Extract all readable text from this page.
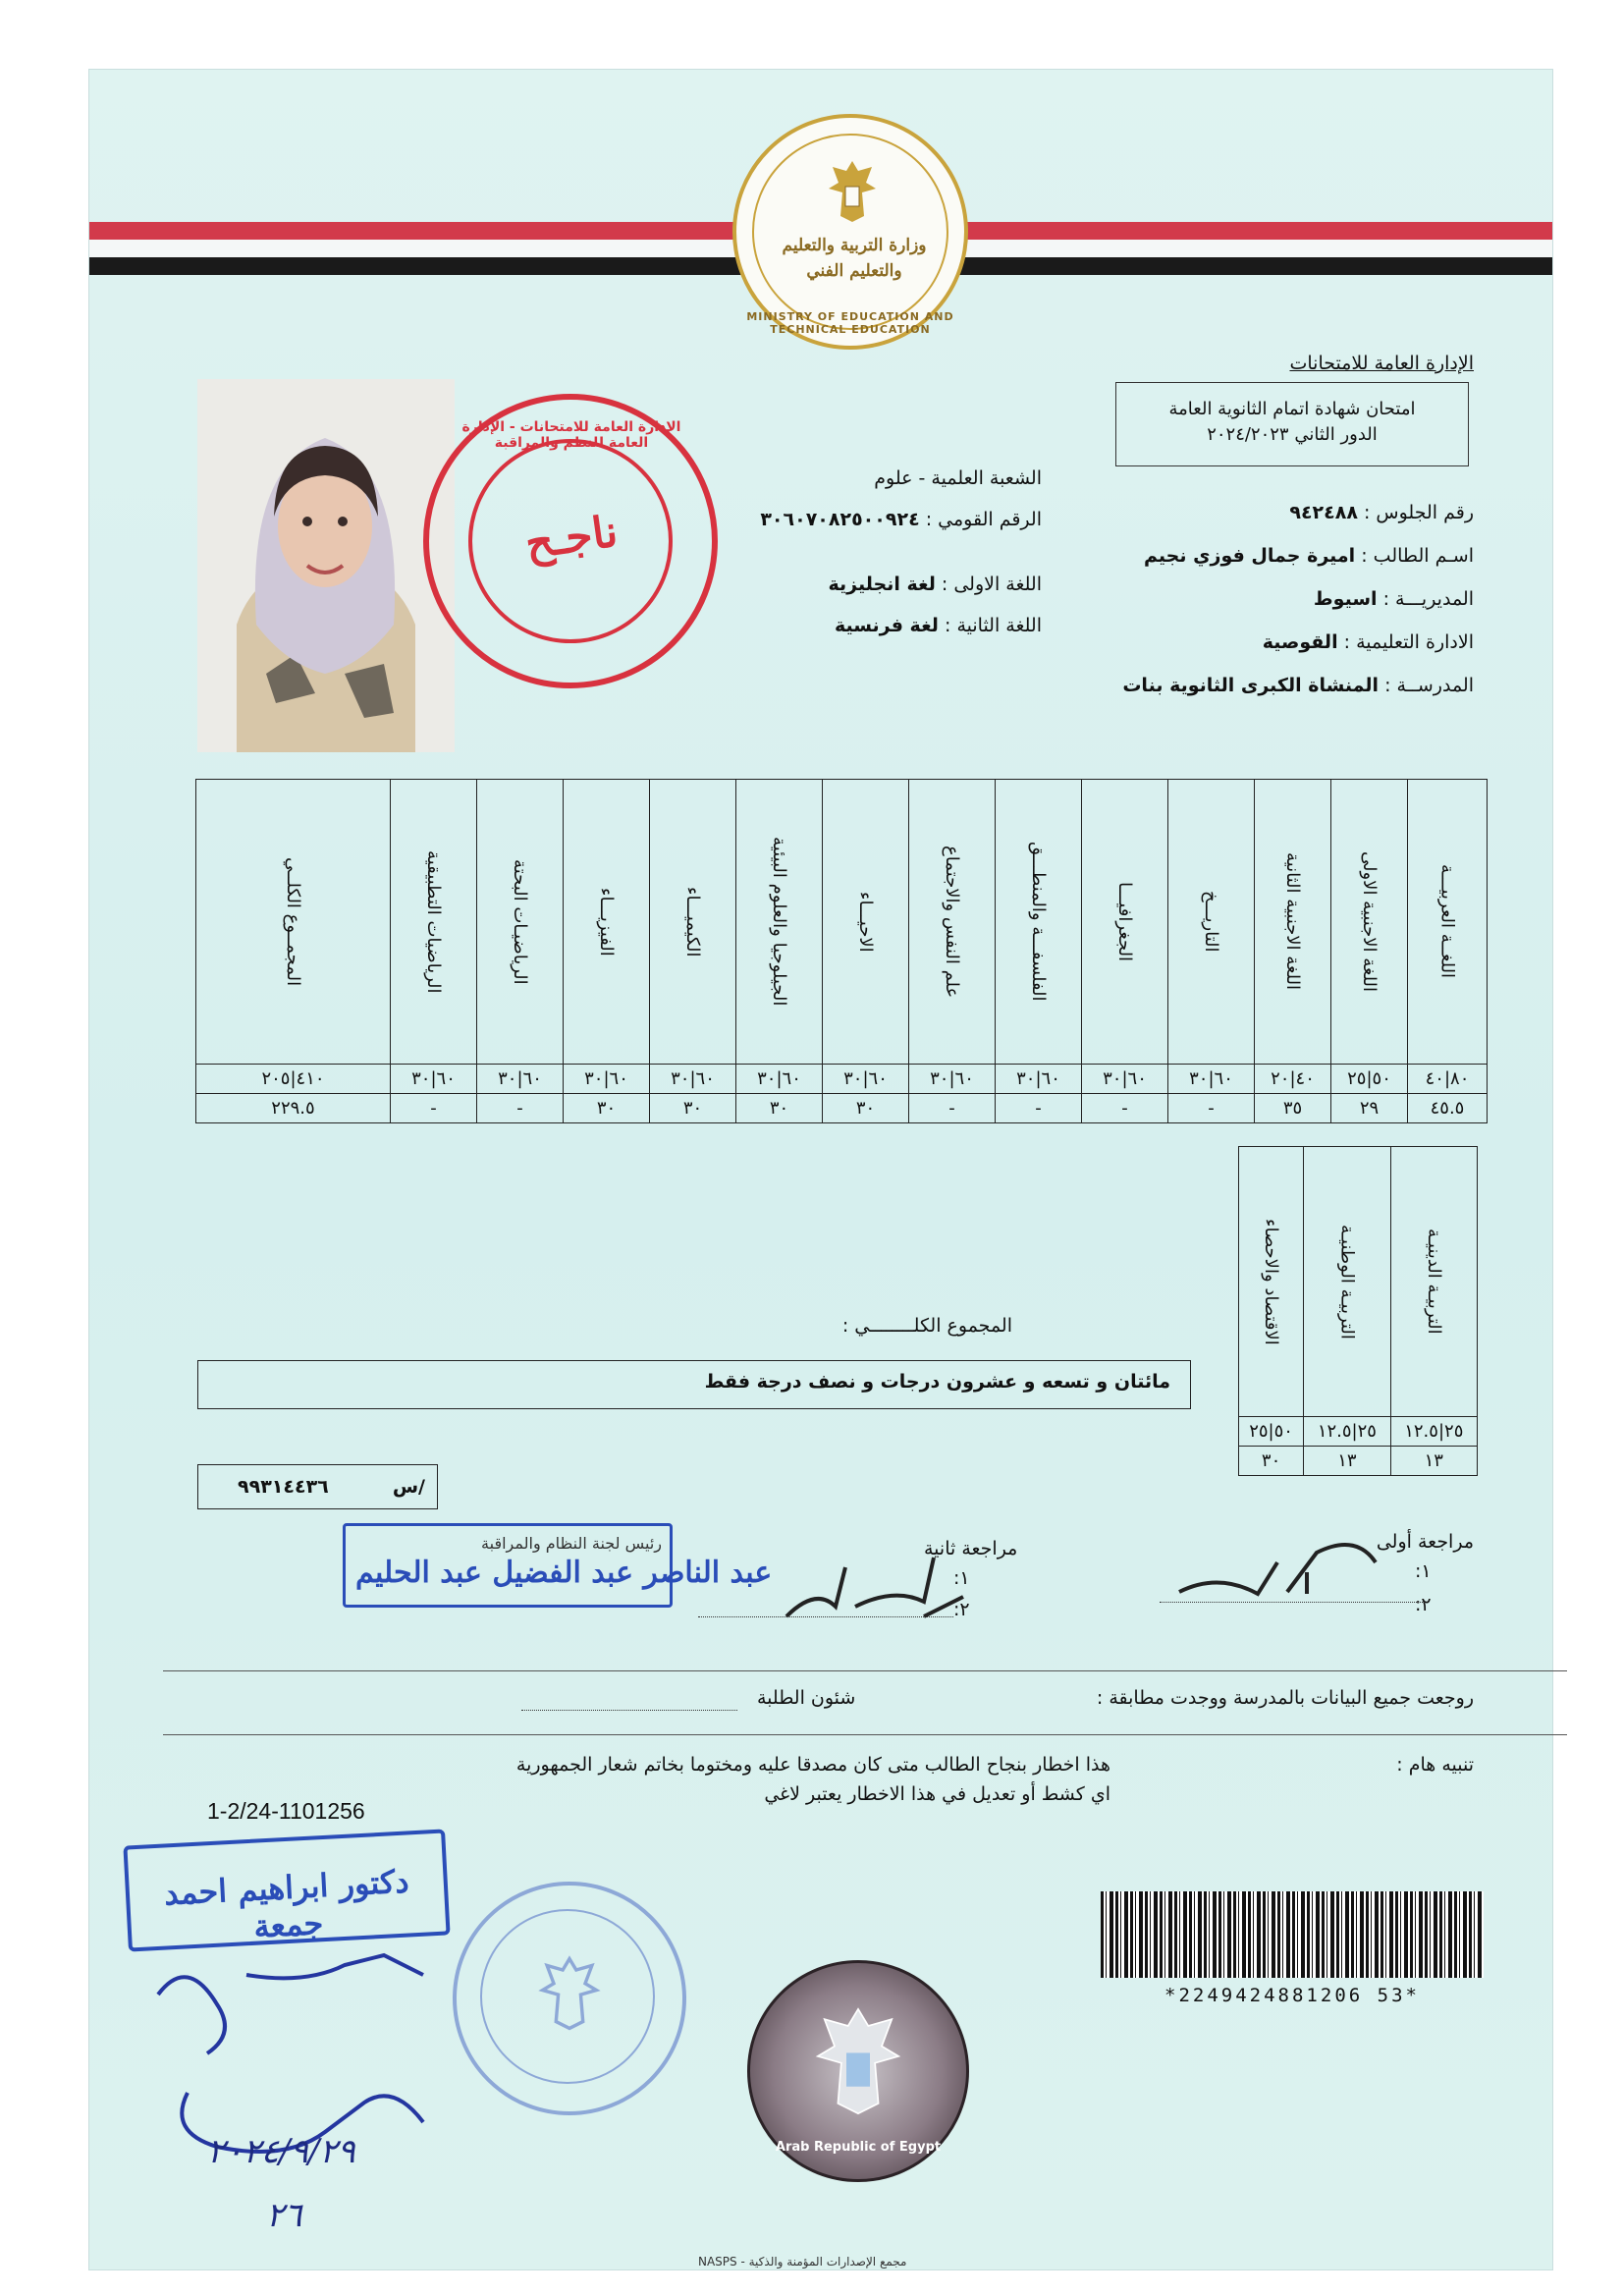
وزارة التربية والتعليم
والتعليم الفني
MINISTRY OF EDUCATION AND TECHNICAL EDUCATION
الإدارة العامة للامتحانات
امتحان شهادة اتمام الثانوية العامة
الدور الثاني ٢٠٢٤/٢٠٢٣
ناجـح
الإدارة العامة للامتحانات - الإدارة العامة للنظم والمراقبة
رقم الجلوس : ٩٤٢٤٨٨
اسـم الطالب : اميرة جمال فوزي نجيم
المديريـــة : اسيوط
الادارة التعليمية : القوصية
المدرســة : المنشاة الكبرى الثانوية بنات
الشعبة العلمية - علوم
الرقم القومي : ٣٠٦٠٧٠٨٢٥٠٠٩٢٤
اللغة الاولى : لغة انجليزية
اللغة الثانية : لغة فرنسية
اللغــة العربيـــة	اللغة الاجنبية الاولى	اللغة الاجنبية الثانية	التاريـــخ	الجغرافيـــا	الفلسفـــة والمنطـــق	علم النفس والاجتماع	الاحيـــاء	الجيلوجيا والعلوم البيئية	الكيميـــاء	الفيزيـــاء	الرياضيـات البحتة	الرياضيات التطبيقية	المجمــوع الكلــي

٨٠|٤٠	٥٠|٢٥	٤٠|٢٠	٦٠|٣٠	٦٠|٣٠	٦٠|٣٠	٦٠|٣٠	٦٠|٣٠	٦٠|٣٠	٦٠|٣٠	٦٠|٣٠	٦٠|٣٠	٦٠|٣٠	٤١٠|٢٠٥
٤٥.٥	٢٩	٣٥	-	-	-	-	٣٠	٣٠	٣٠	٣٠	-	-	٢٢٩.٥
التربيـة الدينيـة	التربيـة الوطنيـة	الاقتصاد والاحصاء

٢٥|١٢.٥	٢٥|١٢.٥	٥٠|٢٥
١٣	١٣	٣٠
المجموع الكلــــــــي :
مائتان و تسعه و عشرون درجات و نصف درجة فقط
س/
٩٩٣١٤٤٣٦
مراجعة أولى
:١
:٢
مراجعة ثانية
:١
:٢
رئيس لجنة النظام والمراقبة
عبد الناصر عبد الفضيل عبد الحليم
روجعت جميع البيانات بالمدرسة ووجدت مطابقة :
شئون الطلبة
تنبيه هام :
هذا اخطار بنجاح الطالب متى كان مصدقا عليه ومختوما بخاتم شعار الجمهورية
اي كشط أو تعديل في هذا الاخطار يعتبر لاغي
1-2/24-1101256
دكتور ابراهيم احمد جمعة
٢٠٢٤/٩/٢٩
٢٦
Arab Republic of Egypt
*2249424881206 53*
NASPS - مجمع الإصدارات المؤمنة والذكية
